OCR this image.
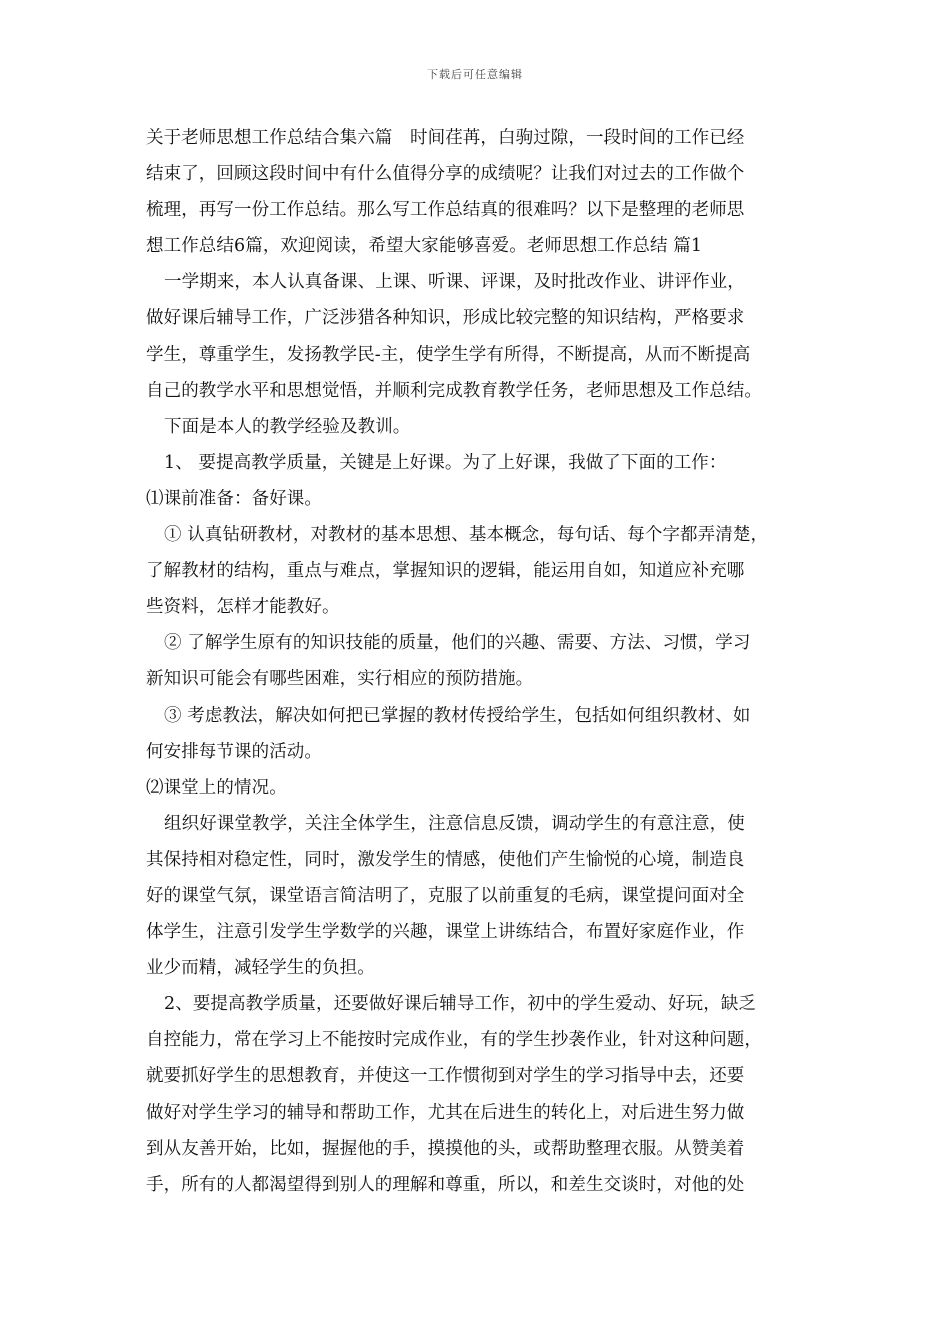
下载后可任意编辑
关于老师思想工作总结合集六篇　时间荏苒，白驹过隙，一段时间的工作已经
结束了，回顾这段时间中有什么值得分享的成绩呢？让我们对过去的工作做个
梳理，再写一份工作总结。那么写工作总结真的很难吗？以下是整理的老师思
想工作总结6篇，欢迎阅读，希望大家能够喜爱。老师思想工作总结 篇1
一学期来，本人认真备课、上课、听课、评课，及时批改作业、讲评作业，
做好课后辅导工作，广泛涉猎各种知识，形成比较完整的知识结构，严格要求
学生，尊重学生，发扬教学民-主，使学生学有所得，不断提高，从而不断提高
自己的教学水平和思想觉悟，并顺利完成教育教学任务，老师思想及工作总结。
下面是本人的教学经验及教训。
1、 要提高教学质量，关键是上好课。为了上好课，我做了下面的工作：
⑴课前准备：备好课。
① 认真钻研教材，对教材的基本思想、基本概念，每句话、每个字都弄清楚，
了解教材的结构，重点与难点，掌握知识的逻辑，能运用自如，知道应补充哪
些资料，怎样才能教好。
② 了解学生原有的知识技能的质量，他们的兴趣、需要、方法、习惯，学习
新知识可能会有哪些困难，实行相应的预防措施。
③ 考虑教法，解决如何把已掌握的教材传授给学生，包括如何组织教材、如
何安排每节课的活动。
⑵课堂上的情况。
组织好课堂教学，关注全体学生，注意信息反馈，调动学生的有意注意，使
其保持相对稳定性，同时，激发学生的情感，使他们产生愉悦的心境，制造良
好的课堂气氛，课堂语言简洁明了，克服了以前重复的毛病，课堂提问面对全
体学生，注意引发学生学数学的兴趣，课堂上讲练结合，布置好家庭作业，作
业少而精，减轻学生的负担。
2、要提高教学质量，还要做好课后辅导工作，初中的学生爱动、好玩，缺乏
自控能力，常在学习上不能按时完成作业，有的学生抄袭作业，针对这种问题，
就要抓好学生的思想教育，并使这一工作惯彻到对学生的学习指导中去，还要
做好对学生学习的辅导和帮助工作，尤其在后进生的转化上，对后进生努力做
到从友善开始，比如，握握他的手，摸摸他的头，或帮助整理衣服。从赞美着
手，所有的人都渴望得到别人的理解和尊重，所以，和差生交谈时，对他的处
